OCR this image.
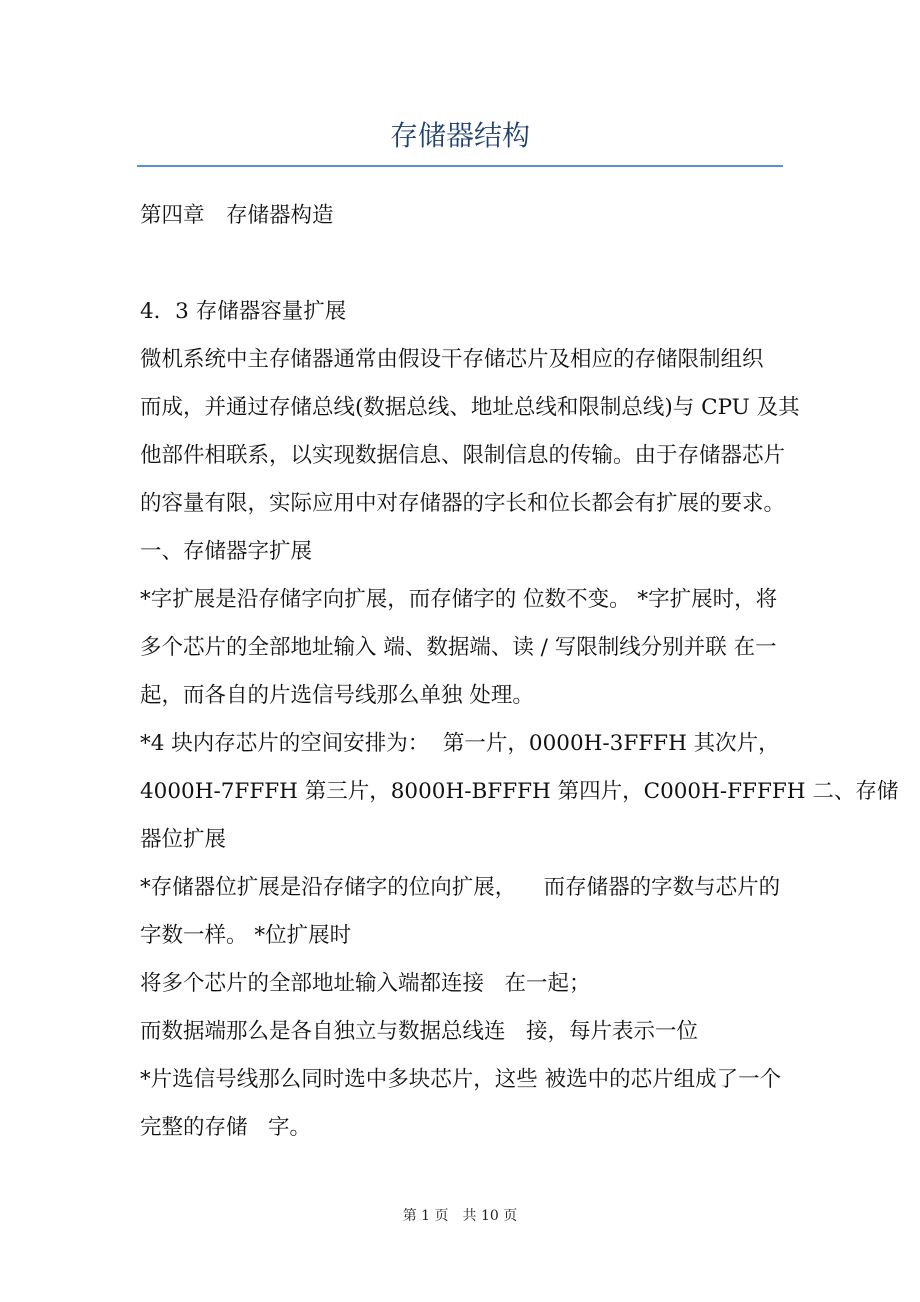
存储器结构
第四章　存储器构造
4．3 存储器容量扩展
微机系统中主存储器通常由假设干存储芯片及相应的存储限制组织
而成，并通过存储总线(数据总线、地址总线和限制总线)与 CPU 及其
他部件相联系，以实现数据信息、限制信息的传输。由于存储器芯片
的容量有限，实际应用中对存储器的字长和位长都会有扩展的要求。
一、存储器字扩展
*字扩展是沿存储字向扩展，而存储字的 位数不变。 *字扩展时，将
多个芯片的全部地址输入 端、数据端、读 / 写限制线分别并联 在一
起，而各自的片选信号线那么单独 处理。
*4 块内存芯片的空间安排为：  第一片，0000H-3FFFH 其次片，
4000H-7FFFH 第三片，8000H-BFFFH 第四片，C000H-FFFFH 二、存储
器位扩展
*存储器位扩展是沿存储字的位向扩展，    而存储器的字数与芯片的
字数一样。 *位扩展时
将多个芯片的全部地址输入端都连接   在一起；
而数据端那么是各自独立与数据总线连   接，每片表示一位
*片选信号线那么同时选中多块芯片，这些 被选中的芯片组成了一个
完整的存储   字。
第 1 页　共 10 页
